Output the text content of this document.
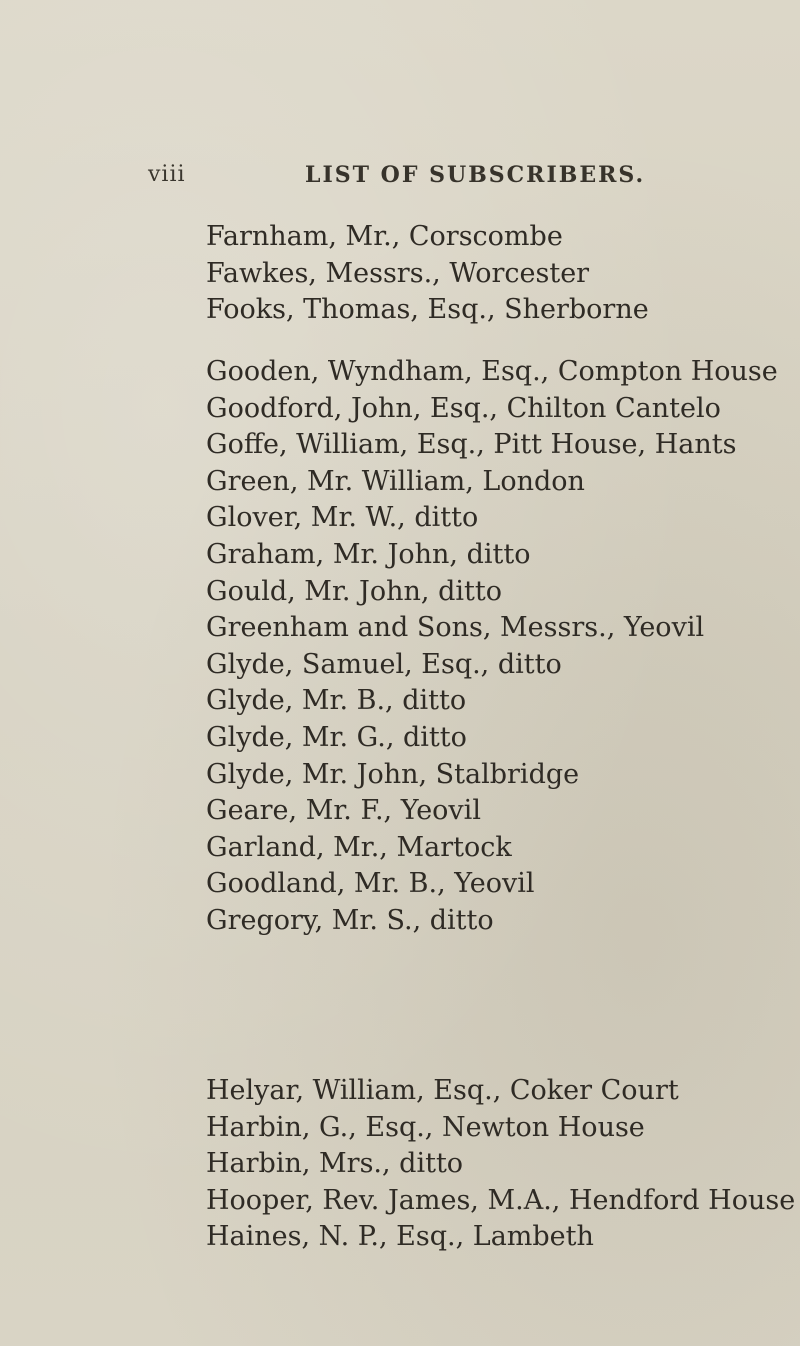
viii	LIST OF SUBSCRIBERS.
Farnham, Mr., Corscombe
Fawkes, Messrs., Worcester
Fooks, Thomas, Esq., Sherborne
Gooden, Wyndham, Esq., Compton House
Goodford, John, Esq., Chilton Cantelo
Goffe, William, Esq., Pitt House, Hants
Green, Mr. William, London
Glover, Mr. W., ditto
Graham, Mr. John, ditto
Gould, Mr. John, ditto
Greenham and Sons, Messrs., Yeovil
Glyde, Samuel, Esq., ditto
Glyde, Mr. B., ditto
Glyde, Mr. G., ditto
Glyde, Mr. John, Stalbridge
Geare, Mr. F., Yeovil
Garland, Mr., Martock
Goodland, Mr. B., Yeovil
Gregory, Mr. S., ditto
Helyar, William, Esq., Coker Court
Harbin, G., Esq., Newton House
Harbin, Mrs., ditto
Hooper, Rev. James, M.A., Hendford House
Haines, N. P., Esq., Lambeth
